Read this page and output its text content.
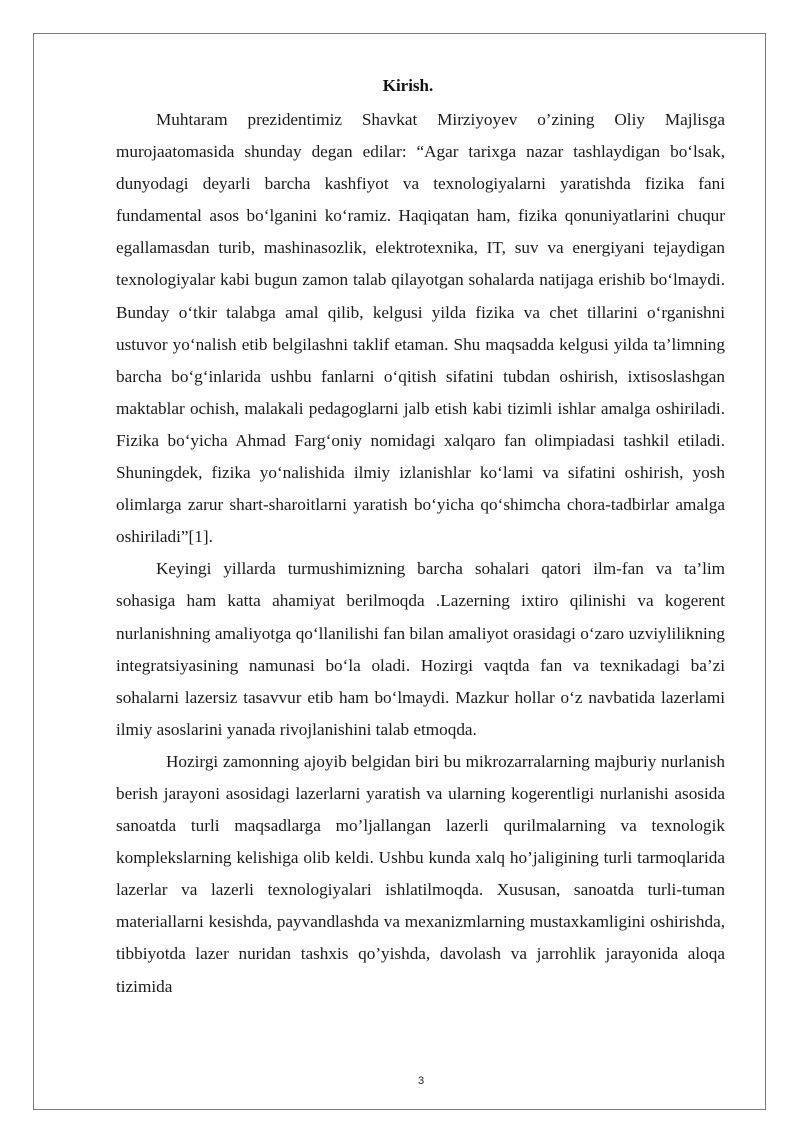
Kirish.

Muhtaram prezidentimiz Shavkat Mirziyoyev o’zining Oliy Majlisga murojaatomasida shunday degan edilar: “Agar tarixga nazar tashlaydigan bo‘lsak, dunyodagi deyarli barcha kashfiyot va texnologiyalarni yaratishda fizika fani fundamental asos bo‘lganini ko‘ramiz. Haqiqatan ham, fizika qonuniyatlarini chuqur egallamasdan turib, mashinasozlik, elektrotexnika, IT, suv va energiyani tejaydigan texnologiyalar kabi bugun zamon talab qilayotgan sohalarda natijaga erishib bo‘lmaydi. Bunday o‘tkir talabga amal qilib, kelgusi yilda fizika va chet tillarini o‘rganishni ustuvor yo‘nalish etib belgilashni taklif etaman. Shu maqsadda kelgusi yilda ta’limning barcha bo‘g‘inlarida ushbu fanlarni o‘qitish sifatini tubdan oshirish, ixtisoslashgan maktablar ochish, malakali pedagoglarni jalb etish kabi tizimli ishlar amalga oshiriladi. Fizika bo‘yicha Ahmad Farg‘oniy nomidagi xalqaro fan olimpiadasi tashkil etiladi. Shuningdek, fizika yo‘nalishida ilmiy izlanishlar ko‘lami va sifatini oshirish, yosh olimlarga zarur shart-sharoitlarni yaratish bo‘yicha qo‘shimcha chora-tadbirlar amalga oshiriladi”[1].

Keyingi yillarda turmushimizning barcha sohalari qatori ilm-fan va ta’lim sohasiga ham katta ahamiyat berilmoqda .Lazerning ixtiro qilinishi va kogerent nurlanishning amaliyotga qo‘llanilishi fan bilan amaliyot orasidagi o‘zaro uzviylilikning integratsiyasining namunasi bo‘la oladi. Hozirgi vaqtda fan va texnikadagi ba’zi sohalarni lazersiz tasavvur etib ham bo‘lmaydi. Mazkur hollar o‘z navbatida lazerlami ilmiy asoslarini yanada rivojlanishini talab etmoqda.

Hozirgi zamonning ajoyib belgidan biri bu mikrozarralarning majburiy nurlanish berish jarayoni asosidagi lazerlarni yaratish va ularning kogerentligi nurlanishi asosida sanoatda turli maqsadlarga mo’ljallangan lazerli qurilmalarning va texnologik komplekslarning kelishiga olib keldi. Ushbu kunda xalq ho’jaligining turli tarmoqlarida lazerlar va lazerli texnologiyalari ishlatilmoqda. Xususan, sanoatda turli-tuman materiallarni kesishda, payvandlashda va mexanizmlarning mustaxkamligini oshirishda, tibbiyotda lazer nuridan tashxis qo’yishda, davolash va jarrohlik jarayonida aloqa tizimida

3
